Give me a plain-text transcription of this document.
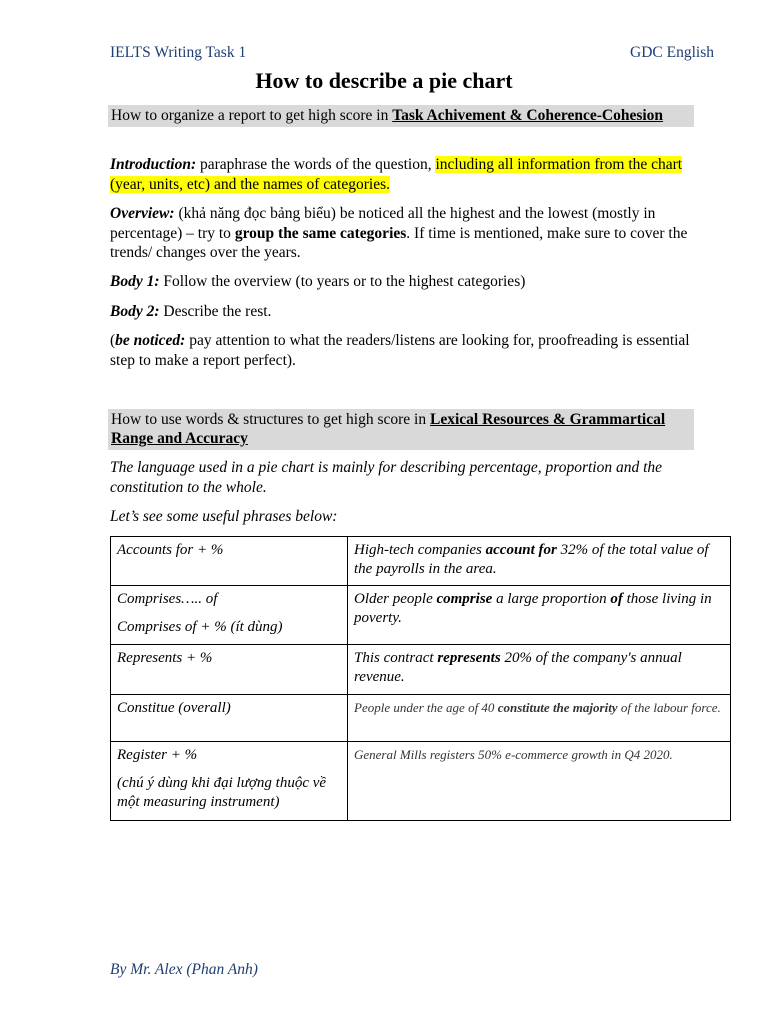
IELTS Writing Task 1	GDC English
How to describe a pie chart
How to organize a report to get high score in Task Achivement & Coherence-Cohesion
Introduction: paraphrase the words of the question, including all information from the chart (year, units, etc) and the names of categories.
Overview: (khả năng đọc bảng biểu) be noticed all the highest and the lowest (mostly in percentage) – try to group the same categories. If time is mentioned, make sure to cover the trends/ changes over the years.
Body 1: Follow the overview (to years or to the highest categories)
Body 2: Describe the rest.
(be noticed: pay attention to what the readers/listens are looking for, proofreading is essential step to make a report perfect).
How to use words & structures to get high score in Lexical Resources & Grammartical Range and Accuracy
The language used in a pie chart is mainly for describing percentage, proportion and the constitution to the whole.
Let’s see some useful phrases below:
Accounts for + %	High-tech companies account for 32% of the total value of the payrolls in the area.

Comprises….. of

Comprises of + % (ít dùng)	Older people comprise a large proportion of those living in poverty.
Represents + %	This contract represents 20% of the company's annual revenue.
Constitue (overall)	People under the age of 40 constitute the majority of the labour force.

Register + %

(chú ý dùng khi đại lượng thuộc về một measuring instrument)	General Mills registers 50% e-commerce growth in Q4 2020.
By Mr. Alex (Phan Anh)
